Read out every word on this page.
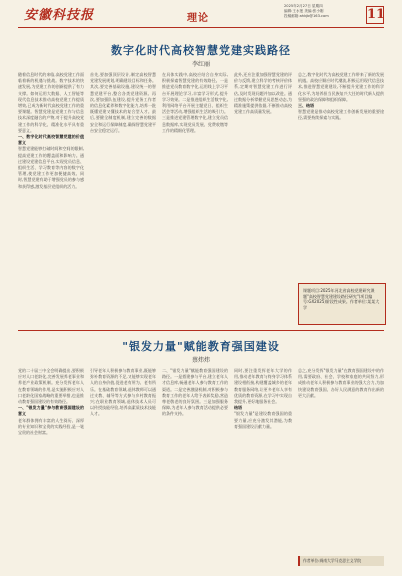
安徽科技报	理论
2025年2月27日 星期四
编辑:王水莲 美编:张小刚
投稿邮箱:ahkjb@163.com	11
数字化时代高校智慧党建实践路径
李红丽
随着信息时代的来临,高校党建工作面临着新的机遇与挑战。数字技术的快速发展,为党建工作的创新提供了有力支撑。如何运用大数据、人工智能等现代信息技术推动高校党建工作提质增效,已成为新时代高校党建工作的重要课题。智慧党建是党建工作与信息技术深度融合的产物,对于提升高校党建工作的科学化、精准化水平具有重要意义。
一、数字化时代高校智慧党建的价值意义
智慧党建能够打破时间和空间的限制,提高党建工作的覆盖面和影响力。通过建设党建信息平台,实现党员信息、组织生活、学习教育等内容的数字化管理,使党建工作更加便捷高效。同时,智慧党建有助于增强党员的参与感和获得感,激发基层党组织的活力。
首先,要加强顶层设计,制定高校智慧党建发展规划,明确建设目标和任务。其次,要完善基础设施,建设统一的智慧党建平台,整合各类党建资源。再次,要加强队伍建设,提升党务工作者的信息化素养和数字化能力,培养一批既懂党建又懂技术的复合型人才。最后,要健全制度机制,建立完善的数据安全和运行保障制度,确保智慧党建平台安全稳定运行。
在具体实践中,高校应结合自身实际,积极探索智慧党建的有效路径。一是推进党员教育数字化,运用线上学习平台开展理论学习,丰富学习形式,提升学习效果。二是推进组织生活数字化,利用网络平台开展主题党日、组织生活会等活动,增强组织生活的吸引力。三是推进党建管理数字化,建立党员信息数据库,实现党员发展、党费收缴等工作的精细化管理。
此外,还应注重加强智慧党建的评价与反馈,建立科学的考核评价体系,定期对智慧党建工作进行评估,及时发现问题并加以改进。通过数据分析掌握党员思想动态,为精准施策提供依据,不断推动高校党建工作高质量发展。
总之,数字化时代为高校党建工作带来了新的发展机遇。高校应顺应时代潮流,积极运用现代信息技术,推进智慧党建建设,不断提升党建工作的科学化水平,为培养担当民族复兴大任的时代新人提供坚强的政治保障和组织保障。
三、结语
智慧党建是推动高校党建工作创新发展的重要途径,需要持续探索与实践。
课题项目:2025年河北省高校党建研究课题"高校智慧党建建设路径研究"(项目编号:GX2025)阶段性成果。作者单位:某某大学
"银发力量"赋能教育强国建设
蔡炜炜
党的二十届三中全会明确提出,要积极应对人口老龄化,完善发展养老事业和养老产业政策机制。充分发挥老年人在教育领域的作用,是实施积极应对人口老龄化国家战略的重要举措,也是推动教育强国建设的有效路径。
一、"银发力量"参与教育强国建设的意义
老年群体拥有丰富的人生阅历、深厚的专业知识和宝贵的实践经验,是一笔宝贵的社会财富。
引导老年人积极参与教育事业,既能够弥补教育资源的不足,又能够实现老年人的自身价值,促进老有所为、老有所乐。在基础教育领域,退休教师可以通过支教、辅导等方式参与乡村教育振兴;在职业教育领域,退休技术人员可以传授技能经验,培养高素质技术技能人才。
二、"银发力量"赋能教育强国建设的路径。一是搭建参与平台,建立老年人才信息库,畅通老年人参与教育工作的渠道。二是完善激励机制,对积极参与教育工作的老年人给予表彰奖励,营造尊老敬老的良好氛围。三是加强服务保障,为老年人参与教育活动提供必要的条件支持。
同时,要注重发挥老年大学的作用,推动老年教育与终身学习体系建设相衔接,构建覆盖城乡的老年教育服务网络,让更多老年人享有优质的教育资源,在学习中实现自我提升,更好地服务社会。
结语
"银发力量"是建设教育强国的重要力量,应充分激发其潜能,为教育强国建设贡献力量。
总之,充分发挥"银发力量"在教育强国建设中的作用,需要政府、社会、学校和家庭的共同努力,形成推动老年人积极参与教育事业的强大合力,为加快建设教育强国、办好人民满意的教育作出新的更大贡献。
作者单位:闽南大学马克思主义学院
